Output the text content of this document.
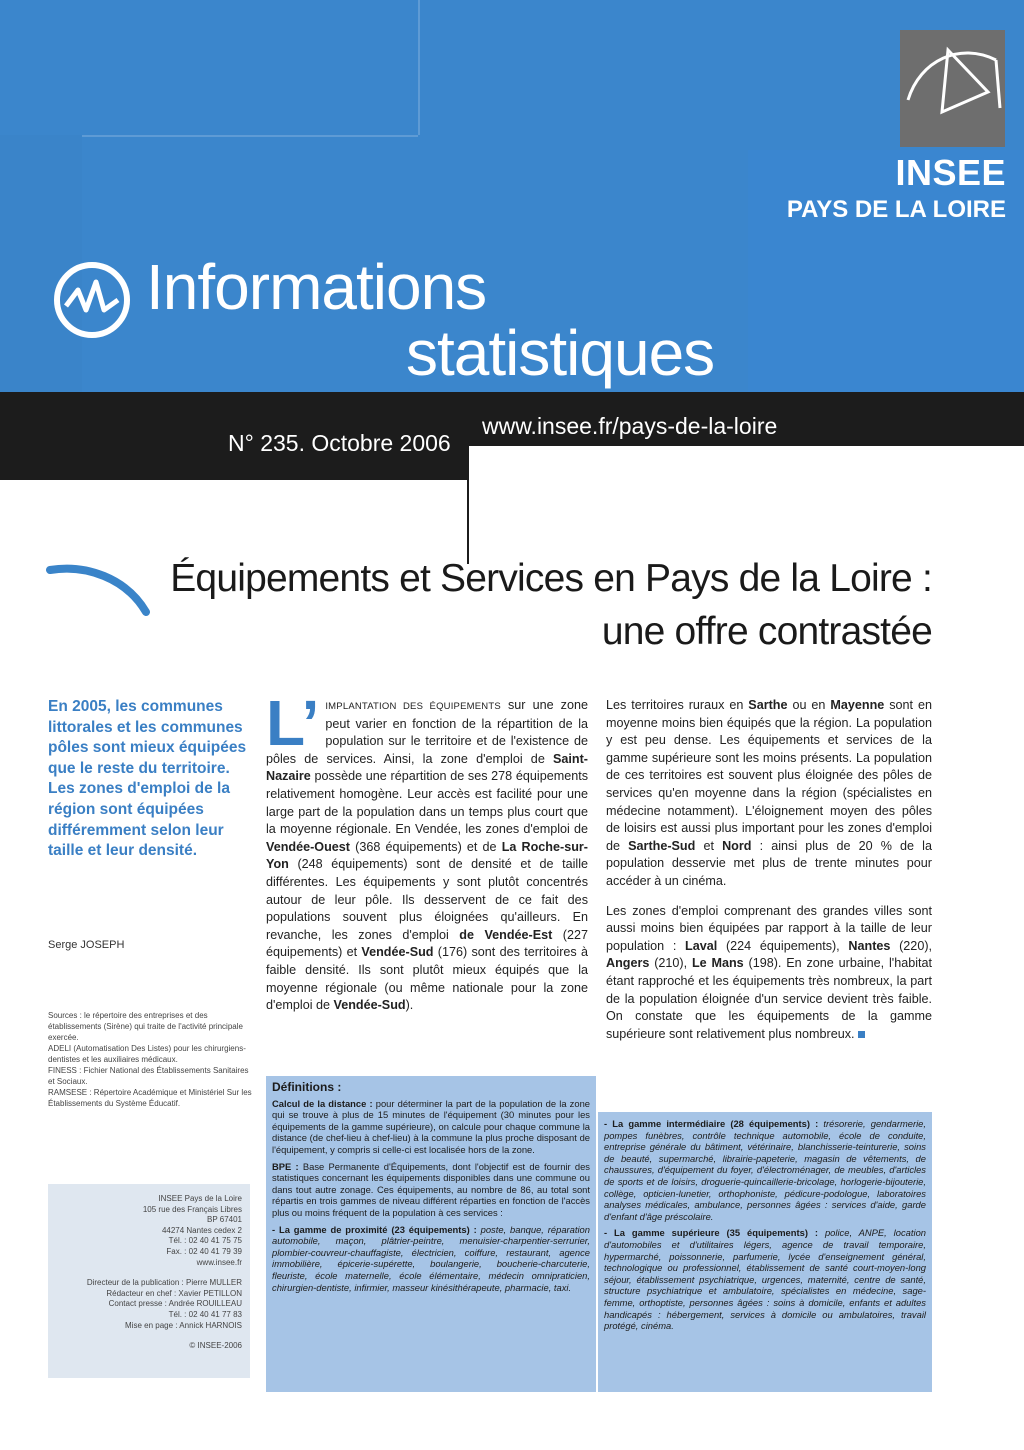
INSEE
PAYS DE LA LOIRE
Informations
statistiques
N° 235. Octobre 2006
www.insee.fr/pays-de-la-loire
Équipements et Services en Pays de la Loire :
une offre contrastée
En 2005, les communes littorales et les communes pôles sont mieux équipées que le reste du territoire. Les zones d'emploi de la région sont équipées différemment selon leur taille et leur densité.
Serge JOSEPH

Sources : le répertoire des entreprises et des établissements (Sirène) qui traite de l'activité principale exercée.

ADELI (Automatisation Des Listes) pour les chirurgiens-dentistes et les auxiliaires médicaux.

FINESS : Fichier National des Établissements Sanitaires et Sociaux.

RAMSESE : Répertoire Académique et Ministériel Sur les Établissements du Système Éducatif.

INSEE Pays de la Loire

105 rue des Français Libres

BP 67401

44274 Nantes cedex 2

Tél. : 02 40 41 75 75

Fax. : 02 40 41 79 39

www.insee.fr

Directeur de la publication : Pierre MULLER

Rédacteur en chef : Xavier PETILLON

Contact presse : Andrée ROUILLEAU

Tél. : 02 40 41 77 83

Mise en page : Annick HARNOIS

© INSEE-2006

L’ IMPLANTATION DES ÉQUIPEMENTS sur une zone peut varier en fonction de la répartition de la population sur le territoire et de l'existence de pôles de services. Ainsi, la zone d'emploi de Saint-Nazaire possède une répartition de ses 278 équipements relativement homogène. Leur accès est facilité pour une large part de la population dans un temps plus court que la moyenne régionale. En Vendée, les zones d'emploi de Vendée-Ouest (368 équipements) et de La Roche-sur-Yon (248 équipements) sont de densité et de taille différentes. Les équipements y sont plutôt concentrés autour de leur pôle. Ils desservent de ce fait des populations souvent plus éloignées qu'ailleurs. En revanche, les zones d'emploi de Vendée-Est (227 équipements) et Vendée-Sud (176) sont des territoires à faible densité. Ils sont plutôt mieux équipés que la moyenne régionale (ou même nationale pour la zone d'emploi de Vendée-Sud).

Les territoires ruraux en Sarthe ou en Mayenne sont en moyenne moins bien équipés que la région. La population y est peu dense. Les équipements et services de la gamme supérieure sont les moins présents. La population de ces territoires est souvent plus éloignée des pôles de services qu'en moyenne dans la région (spécialistes en médecine notamment). L'éloignement moyen des pôles de loisirs est aussi plus important pour les zones d'emploi de Sarthe-Sud et Nord : ainsi plus de 20 % de la population desservie met plus de trente minutes pour accéder à un cinéma.

Les zones d'emploi comprenant des grandes villes sont aussi moins bien équipées par rapport à la taille de leur population : Laval (224 équipements), Nantes (220), Angers (210), Le Mans (198). En zone urbaine, l'habitat étant rapproché et les équipements très nombreux, la part de la population éloignée d'un service devient très faible. On constate que les équipements de la gamme supérieure sont relativement plus nombreux.

Définitions :

Calcul de la distance : pour déterminer la part de la population de la zone qui se trouve à plus de 15 minutes de l'équipement (30 minutes pour les équipements de la gamme supérieure), on calcule pour chaque commune la distance (de chef-lieu à chef-lieu) à la commune la plus proche disposant de l'équipement, y compris si celle-ci est localisée hors de la zone.

BPE : Base Permanente d'Équipements, dont l'objectif est de fournir des statistiques concernant les équipements disponibles dans une commune ou dans tout autre zonage. Ces équipements, au nombre de 86, au total sont répartis en trois gammes de niveau différent réparties en fonction de l'accès plus ou moins fréquent de la population à ces services :

- La gamme de proximité (23 équipements) : poste, banque, réparation automobile, maçon, plâtrier-peintre, menuisier-charpentier-serrurier, plombier-couvreur-chauffagiste, électricien, coiffure, restaurant, agence immobilière, épicerie-supérette, boulangerie, boucherie-charcuterie, fleuriste, école maternelle, école élémentaire, médecin omnipraticien, chirurgien-dentiste, infirmier, masseur kinésithérapeute, pharmacie, taxi.

- La gamme intermédiaire (28 équipements) : trésorerie, gendarmerie, pompes funèbres, contrôle technique automobile, école de conduite, entreprise générale du bâtiment, vétérinaire, blanchisserie-teinturerie, soins de beauté, supermarché, librairie-papeterie, magasin de vêtements, de chaussures, d'équipement du foyer, d'électroménager, de meubles, d'articles de sports et de loisirs, droguerie-quincaillerie-bricolage, horlogerie-bijouterie, collège, opticien-lunetier, orthophoniste, pédicure-podologue, laboratoires analyses médicales, ambulance, personnes âgées : services d'aide, garde d'enfant d'âge préscolaire.

- La gamme supérieure (35 équipements) : police, ANPE, location d'automobiles et d'utilitaires légers, agence de travail temporaire, hypermarché, poissonnerie, parfumerie, lycée d'enseignement général, technologique ou professionnel, établissement de santé court-moyen-long séjour, établissement psychiatrique, urgences, maternité, centre de santé, structure psychiatrique et ambulatoire, spécialistes en médecine, sage-femme, orthoptiste, personnes âgées : soins à domicile, enfants et adultes handicapés : hébergement, services à domicile ou ambulatoires, travail protégé, cinéma.
